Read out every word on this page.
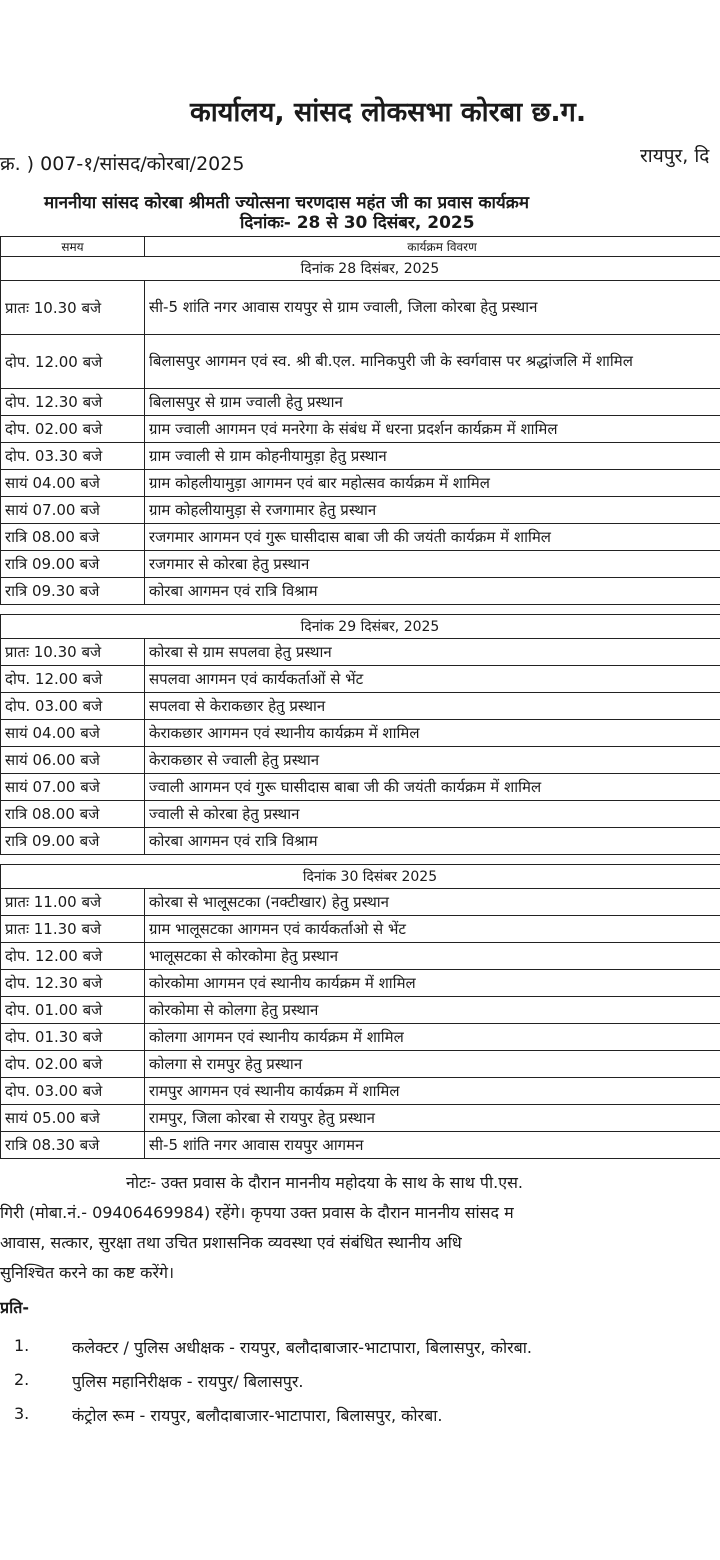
कार्यालय, सांसद लोकसभा कोरबा छ.ग.
क्र. ) 007-१/सांसद/कोरबा/2025	रायपुर, दि
माननीया सांसद कोरबा श्रीमती ज्योत्सना चरणदास महंत जी का प्रवास कार्यक्रम
दिनांकः- 28 से 30 दिसंबर, 2025
समय	कार्यक्रम विवरण
दिनांक 28 दिसंबर, 2025	
प्रातः 10.30 बजे	सी-5 शांति नगर आवास रायपुर से ग्राम ज्वाली, जिला कोरबा हेतु प्रस्थान
दोप. 12.00 बजे	बिलासपुर आगमन एवं स्व. श्री बी.एल. मानिकपुरी जी के स्वर्गवास पर श्रद्धांजलि में शामिल
दोप. 12.30 बजे	बिलासपुर से ग्राम ज्वाली हेतु प्रस्थान
दोप. 02.00 बजे	ग्राम ज्वाली आगमन एवं मनरेगा के संबंध में धरना प्रदर्शन कार्यक्रम में शामिल
दोप. 03.30 बजे	ग्राम ज्वाली से ग्राम कोहनीयामुड़ा हेतु प्रस्थान
सायं 04.00 बजे	ग्राम कोहलीयामुड़ा आगमन एवं बार महोत्सव कार्यक्रम में शामिल
सायं 07.00 बजे	ग्राम कोहलीयामुड़ा से रजगामार हेतु प्रस्थान
रात्रि 08.00 बजे	रजगमार आगमन एवं गुरू घासीदास बाबा जी की जयंती कार्यक्रम में शामिल
रात्रि 09.00 बजे	रजगमार से कोरबा हेतु प्रस्थान
रात्रि 09.30 बजे	कोरबा आगमन एवं रात्रि विश्राम

दिनांक 29 दिसंबर, 2025	
प्रातः 10.30 बजे	कोरबा से ग्राम सपलवा हेतु प्रस्थान
दोप. 12.00 बजे	सपलवा आगमन एवं कार्यकर्ताओं से भेंट
दोप. 03.00 बजे	सपलवा से केराकछार हेतु प्रस्थान
सायं 04.00 बजे	केराकछार आगमन एवं स्थानीय कार्यक्रम में शामिल
सायं 06.00 बजे	केराकछार से ज्वाली हेतु प्रस्थान
सायं 07.00 बजे	ज्वाली आगमन एवं गुरू घासीदास बाबा जी की जयंती कार्यक्रम में शामिल
रात्रि 08.00 बजे	ज्वाली से कोरबा हेतु प्रस्थान
रात्रि 09.00 बजे	कोरबा आगमन एवं रात्रि विश्राम

दिनांक 30 दिसंबर 2025	
प्रातः 11.00 बजे	कोरबा से भालूसटका (नक्टीखार) हेतु प्रस्थान
प्रातः 11.30 बजे	ग्राम भालूसटका आगमन एवं कार्यकर्ताओ से भेंट
दोप. 12.00 बजे	भालूसटका से कोरकोमा हेतु प्रस्थान
दोप. 12.30 बजे	कोरकोमा आगमन एवं स्थानीय कार्यक्रम में शामिल
दोप. 01.00 बजे	कोरकोमा से कोलगा हेतु प्रस्थान
दोप. 01.30 बजे	कोलगा आगमन एवं स्थानीय कार्यक्रम में शामिल
दोप. 02.00 बजे	कोलगा से रामपुर हेतु प्रस्थान
दोप. 03.00 बजे	रामपुर आगमन एवं स्थानीय कार्यक्रम में शामिल
सायं 05.00 बजे	रामपुर, जिला कोरबा से रायपुर हेतु प्रस्थान
रात्रि 08.30 बजे	सी-5 शांति नगर आवास रायपुर आगमन
नोटः- उक्त प्रवास के दौरान माननीय महोदया के साथ के साथ पी.एस.
गिरी (मोबा.नं.- 09406469984) रहेंगे। कृपया उक्त प्रवास के दौरान माननीय सांसद म
आवास, सत्कार, सुरक्षा तथा उचित प्रशासनिक व्यवस्था एवं संबंधित स्थानीय अधि
सुनिश्चित करने का कष्ट करेंगे।
प्रति-
1.	कलेक्टर / पुलिस अधीक्षक - रायपुर, बलौदाबाजार-भाटापारा, बिलासपुर, कोरबा.
2.	पुलिस महानिरीक्षक - रायपुर/ बिलासपुर.
3.	कंट्रोल रूम - रायपुर, बलौदाबाजार-भाटापारा, बिलासपुर, कोरबा.
